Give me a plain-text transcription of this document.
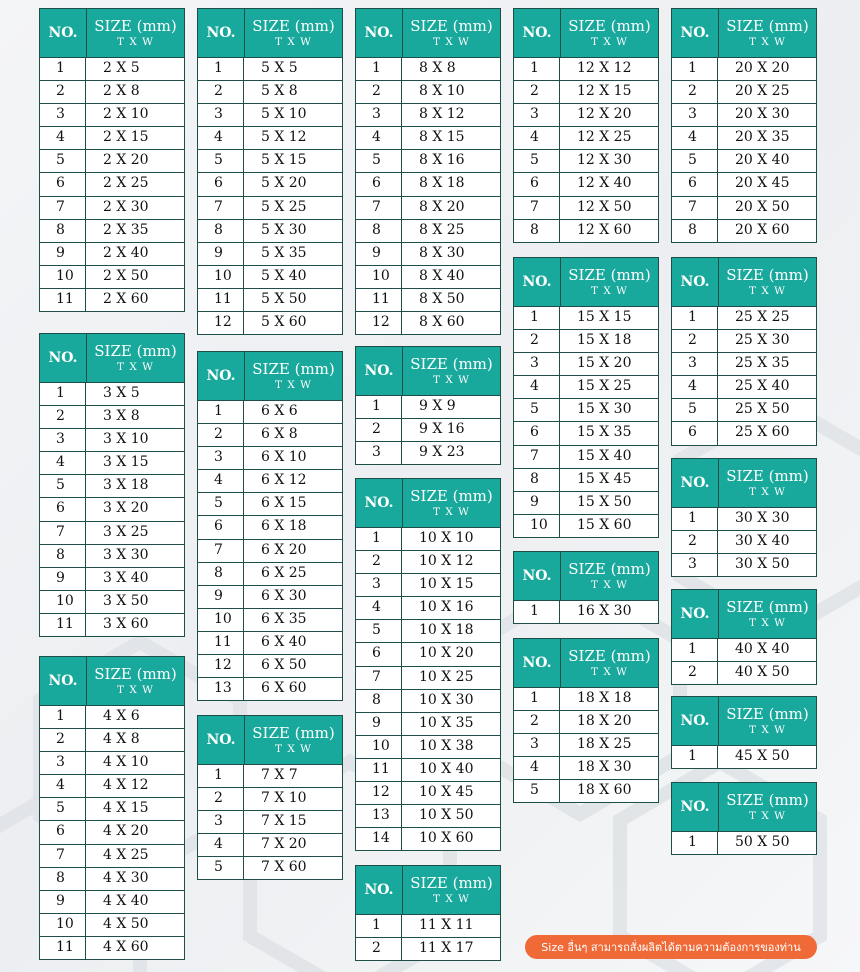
NO.	SIZE (mm)
T X W
1	2 X 5
2	2 X 8
3	2 X 10
4	2 X 15
5	2 X 20
6	2 X 25
7	2 X 30
8	2 X 35
9	2 X 40
10	2 X 50
11	2 X 60
NO.	SIZE (mm)
T X W
1	3 X 5
2	3 X 8
3	3 X 10
4	3 X 15
5	3 X 18
6	3 X 20
7	3 X 25
8	3 X 30
9	3 X 40
10	3 X 50
11	3 X 60
NO.	SIZE (mm)
T X W
1	4 X 6
2	4 X 8
3	4 X 10
4	4 X 12
5	4 X 15
6	4 X 20
7	4 X 25
8	4 X 30
9	4 X 40
10	4 X 50
11	4 X 60
NO.	SIZE (mm)
T X W
1	5 X 5
2	5 X 8
3	5 X 10
4	5 X 12
5	5 X 15
6	5 X 20
7	5 X 25
8	5 X 30
9	5 X 35
10	5 X 40
11	5 X 50
12	5 X 60
NO.	SIZE (mm)
T X W
1	6 X 6
2	6 X 8
3	6 X 10
4	6 X 12
5	6 X 15
6	6 X 18
7	6 X 20
8	6 X 25
9	6 X 30
10	6 X 35
11	6 X 40
12	6 X 50
13	6 X 60
NO.	SIZE (mm)
T X W
1	7 X 7
2	7 X 10
3	7 X 15
4	7 X 20
5	7 X 60
NO.	SIZE (mm)
T X W
1	8 X 8
2	8 X 10
3	8 X 12
4	8 X 15
5	8 X 16
6	8 X 18
7	8 X 20
8	8 X 25
9	8 X 30
10	8 X 40
11	8 X 50
12	8 X 60
NO.	SIZE (mm)
T X W
1	9 X 9
2	9 X 16
3	9 X 23
NO.	SIZE (mm)
T X W
1	10 X 10
2	10 X 12
3	10 X 15
4	10 X 16
5	10 X 18
6	10 X 20
7	10 X 25
8	10 X 30
9	10 X 35
10	10 X 38
11	10 X 40
12	10 X 45
13	10 X 50
14	10 X 60
NO.	SIZE (mm)
T X W
1	11 X 11
2	11 X 17
NO.	SIZE (mm)
T X W
1	12 X 12
2	12 X 15
3	12 X 20
4	12 X 25
5	12 X 30
6	12 X 40
7	12 X 50
8	12 X 60
NO.	SIZE (mm)
T X W
1	15 X 15
2	15 X 18
3	15 X 20
4	15 X 25
5	15 X 30
6	15 X 35
7	15 X 40
8	15 X 45
9	15 X 50
10	15 X 60
NO.	SIZE (mm)
T X W
1	16 X 30
NO.	SIZE (mm)
T X W
1	18 X 18
2	18 X 20
3	18 X 25
4	18 X 30
5	18 X 60
NO.	SIZE (mm)
T X W
1	20 X 20
2	20 X 25
3	20 X 30
4	20 X 35
5	20 X 40
6	20 X 45
7	20 X 50
8	20 X 60
NO.	SIZE (mm)
T X W
1	25 X 25
2	25 X 30
3	25 X 35
4	25 X 40
5	25 X 50
6	25 X 60
NO.	SIZE (mm)
T X W
1	30 X 30
2	30 X 40
3	30 X 50
NO.	SIZE (mm)
T X W
1	40 X 40
2	40 X 50
NO.	SIZE (mm)
T X W
1	45 X 50
NO.	SIZE (mm)
T X W
1	50 X 50
Size อื่นๆ สามารถสั่งผลิตได้ตามความต้องการของท่าน
